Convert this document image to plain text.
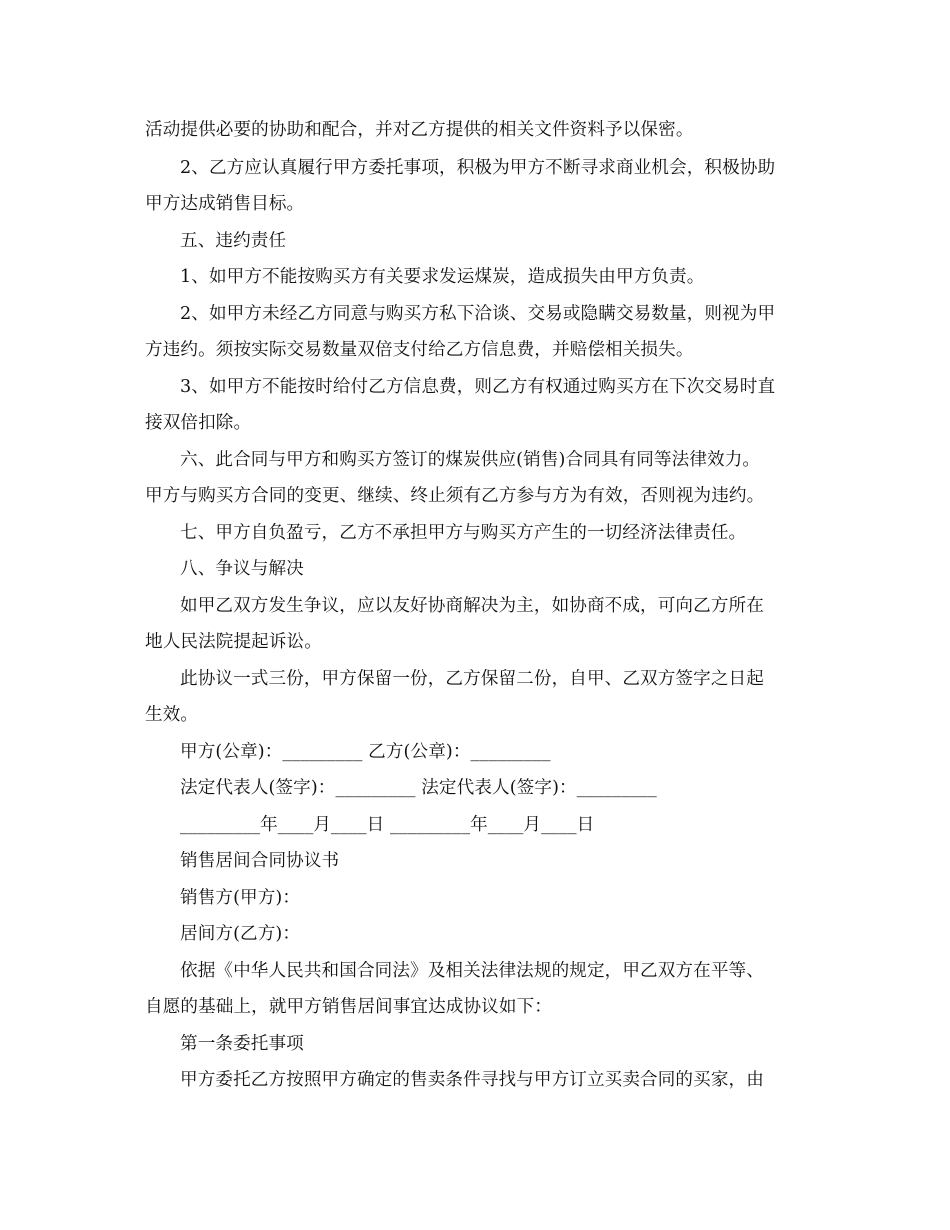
活动提供必要的协助和配合，并对乙方提供的相关文件资料予以保密。
2、乙方应认真履行甲方委托事项，积极为甲方不断寻求商业机会，积极协助
甲方达成销售目标。
五、违约责任
1、如甲方不能按购买方有关要求发运煤炭，造成损失由甲方负责。
2、如甲方未经乙方同意与购买方私下洽谈、交易或隐瞒交易数量，则视为甲
方违约。须按实际交易数量双倍支付给乙方信息费，并赔偿相关损失。
3、如甲方不能按时给付乙方信息费，则乙方有权通过购买方在下次交易时直
接双倍扣除。
六、此合同与甲方和购买方签订的煤炭供应(销售)合同具有同等法律效力。
甲方与购买方合同的变更、继续、终止须有乙方参与方为有效，否则视为违约。
七、甲方自负盈亏，乙方不承担甲方与购买方产生的一切经济法律责任。
八、争议与解决
如甲乙双方发生争议，应以友好协商解决为主，如协商不成，可向乙方所在
地人民法院提起诉讼。
此协议一式三份，甲方保留一份，乙方保留二份，自甲、乙双方签字之日起
生效。
甲方(公章)：_________ 乙方(公章)：_________
法定代表人(签字)：_________ 法定代表人(签字)：_________
_________年____月____日 _________年____月____日
销售居间合同协议书
销售方(甲方)：
居间方(乙方)：
依据《中华人民共和国合同法》及相关法律法规的规定，甲乙双方在平等、
自愿的基础上，就甲方销售居间事宜达成协议如下：
第一条委托事项
甲方委托乙方按照甲方确定的售卖条件寻找与甲方订立买卖合同的买家，由
